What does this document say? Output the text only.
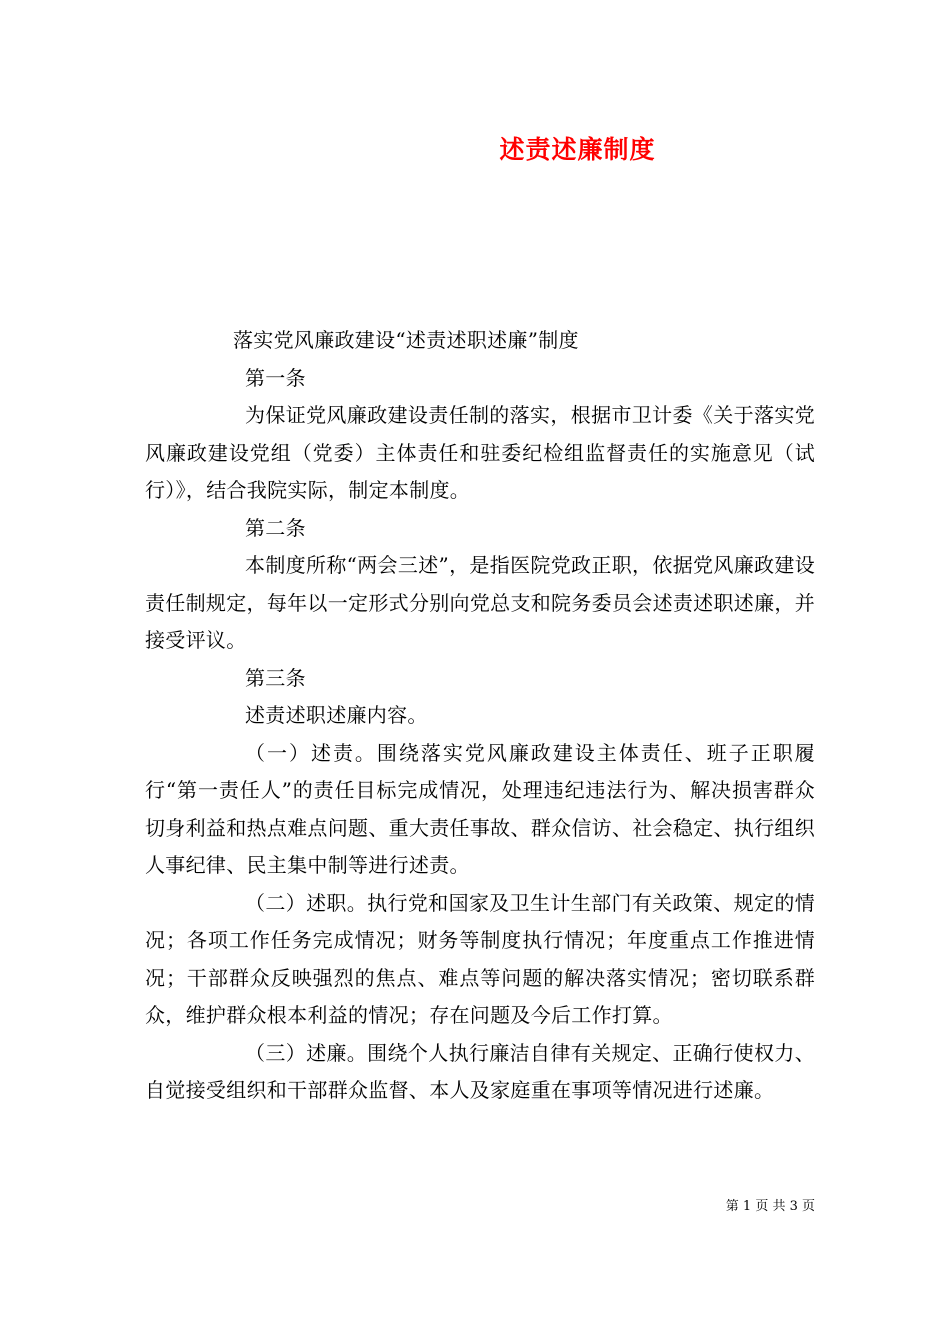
述责述廉制度

落实党风廉政建设“述责述职述廉”制度

第一条

为保证党风廉政建设责任制的落实，根据市卫计委《关于落实党风廉政建设党组（党委）主体责任和驻委纪检组监督责任的实施意见（试行）》，结合我院实际，制定本制度。

第二条

本制度所称“两会三述”，是指医院党政正职，依据党风廉政建设责任制规定，每年以一定形式分别向党总支和院务委员会述责述职述廉，并接受评议。

第三条

述责述职述廉内容。

（一）述责。围绕落实党风廉政建设主体责任、班子正职履行“第一责任人”的责任目标完成情况，处理违纪违法行为、解决损害群众切身利益和热点难点问题、重大责任事故、群众信访、社会稳定、执行组织人事纪律、民主集中制等进行述责。

（二）述职。执行党和国家及卫生计生部门有关政策、规定的情况；各项工作任务完成情况；财务等制度执行情况；年度重点工作推进情况；干部群众反映强烈的焦点、难点等问题的解决落实情况；密切联系群众，维护群众根本利益的情况；存在问题及今后工作打算。

（三）述廉。围绕个人执行廉洁自律有关规定、正确行使权力、自觉接受组织和干部群众监督、本人及家庭重在事项等情况进行述廉。

第 1 页 共 3 页
